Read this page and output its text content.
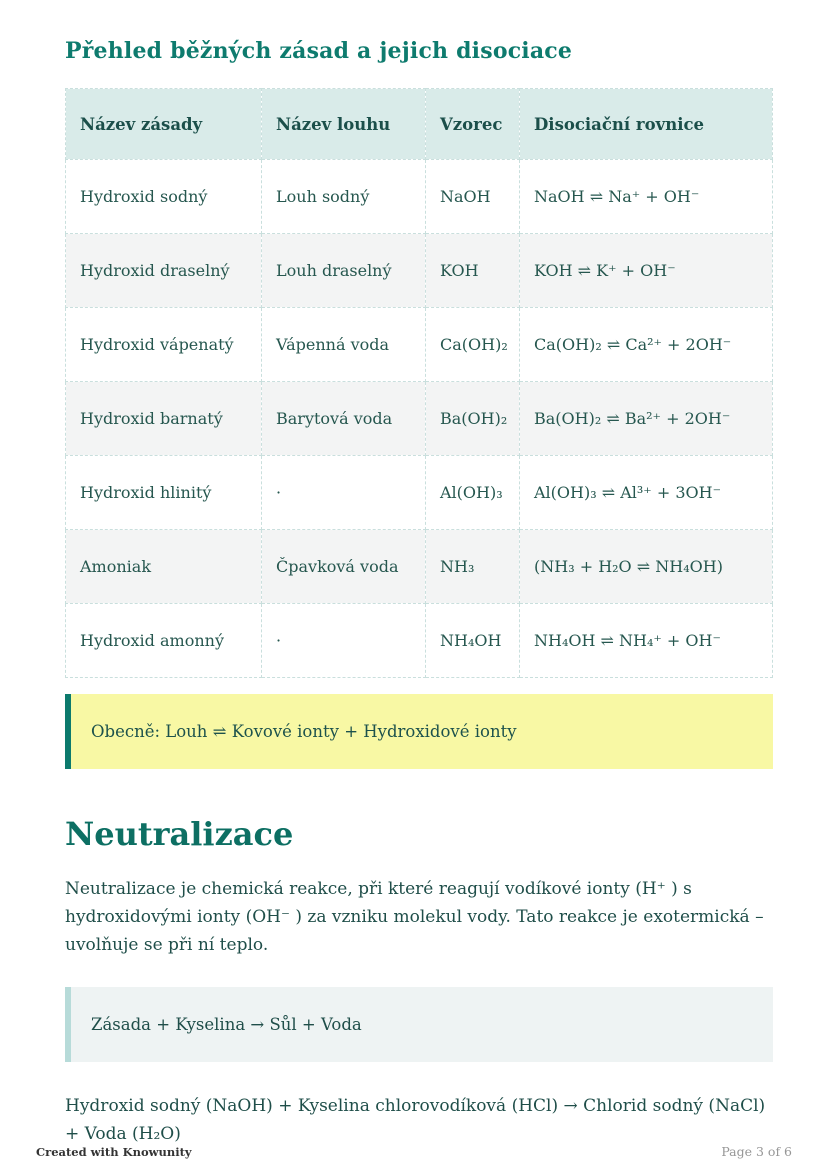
Přehled běžných zásad a jejich disociace
Název zásady	Název louhu	Vzorec	Disociační rovnice
Hydroxid sodný	Louh sodný	NaOH	NaOH ⇌ Na⁺ + OH⁻
Hydroxid draselný	Louh draselný	KOH	KOH ⇌ K⁺ + OH⁻
Hydroxid vápenatý	Vápenná voda	Ca(OH)₂	Ca(OH)₂ ⇌ Ca²⁺ + 2OH⁻
Hydroxid barnatý	Barytová voda	Ba(OH)₂	Ba(OH)₂ ⇌ Ba²⁺ + 2OH⁻
Hydroxid hlinitý	·	Al(OH)₃	Al(OH)₃ ⇌ Al³⁺ + 3OH⁻
Amoniak	Čpavková voda	NH₃	(NH₃ + H₂O ⇌ NH₄OH)
Hydroxid amonný	·	NH₄OH	NH₄OH ⇌ NH₄⁺ + OH⁻
Obecně: Louh ⇌ Kovové ionty + Hydroxidové ionty
Neutralizace

Neutralizace je chemická reakce, při které reagují vodíkové ionty (H⁺ ) s hydroxidovými ionty (OH⁻ ) za vzniku molekul vody. Tato reakce je exotermická – uvolňuje se při ní teplo.

Zásada + Kyselina → Sůl + Voda

Hydroxid sodný (NaOH) + Kyselina chlorovodíková (HCl) → Chlorid sodný (NaCl) + Voda (H₂O)

Created with Knowunity	Page 3 of 6
